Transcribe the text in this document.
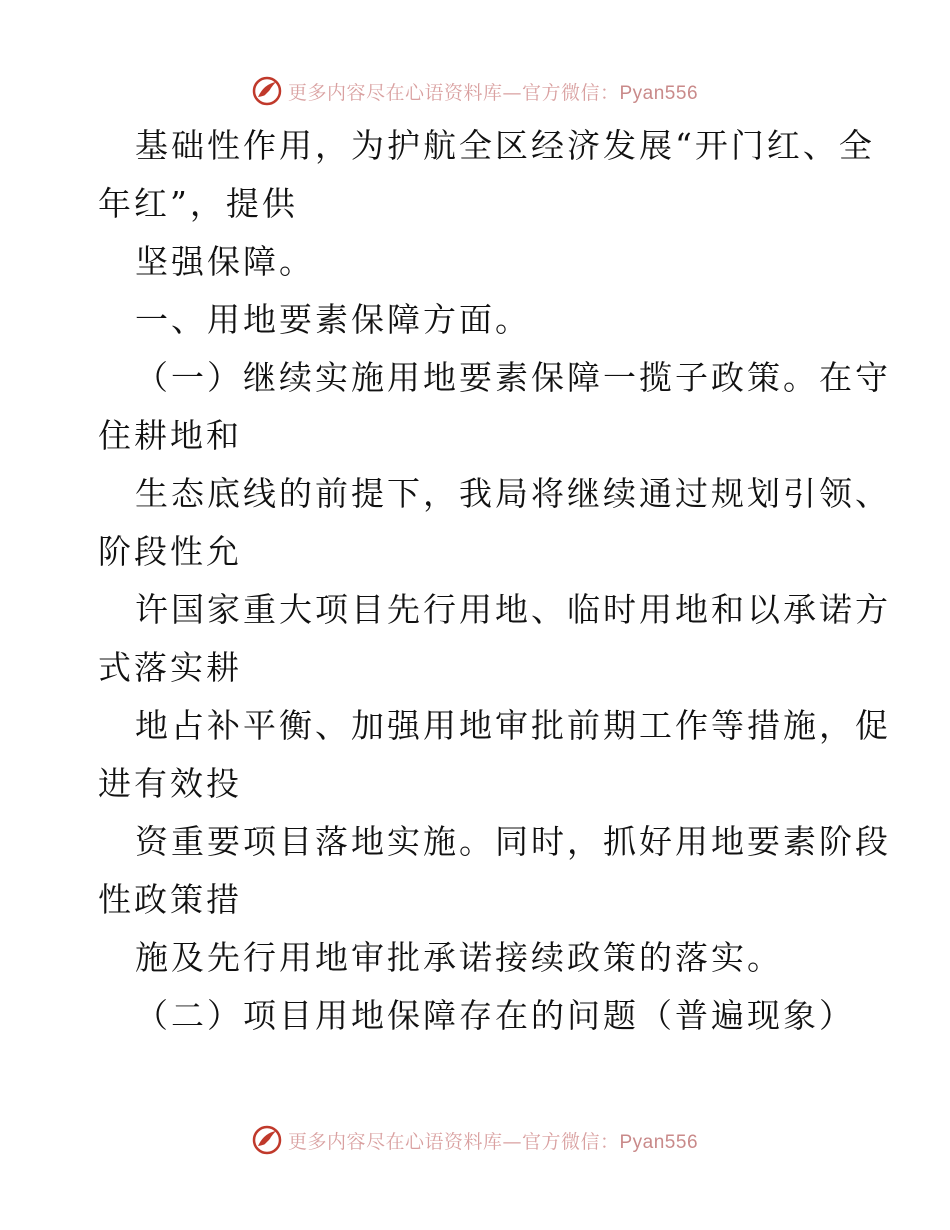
更多内容尽在心语资料库—官方微信：Pyan556
基础性作用，为护航全区经济发展“开门红、全
年红”，提供
坚强保障。
一、用地要素保障方面。
（一）继续实施用地要素保障一揽子政策。在守
住耕地和
生态底线的前提下，我局将继续通过规划引领、
阶段性允
许国家重大项目先行用地、临时用地和以承诺方
式落实耕
地占补平衡、加强用地审批前期工作等措施，促
进有效投
资重要项目落地实施。同时，抓好用地要素阶段
性政策措
施及先行用地审批承诺接续政策的落实。
（二）项目用地保障存在的问题（普遍现象）
更多内容尽在心语资料库—官方微信：Pyan556
